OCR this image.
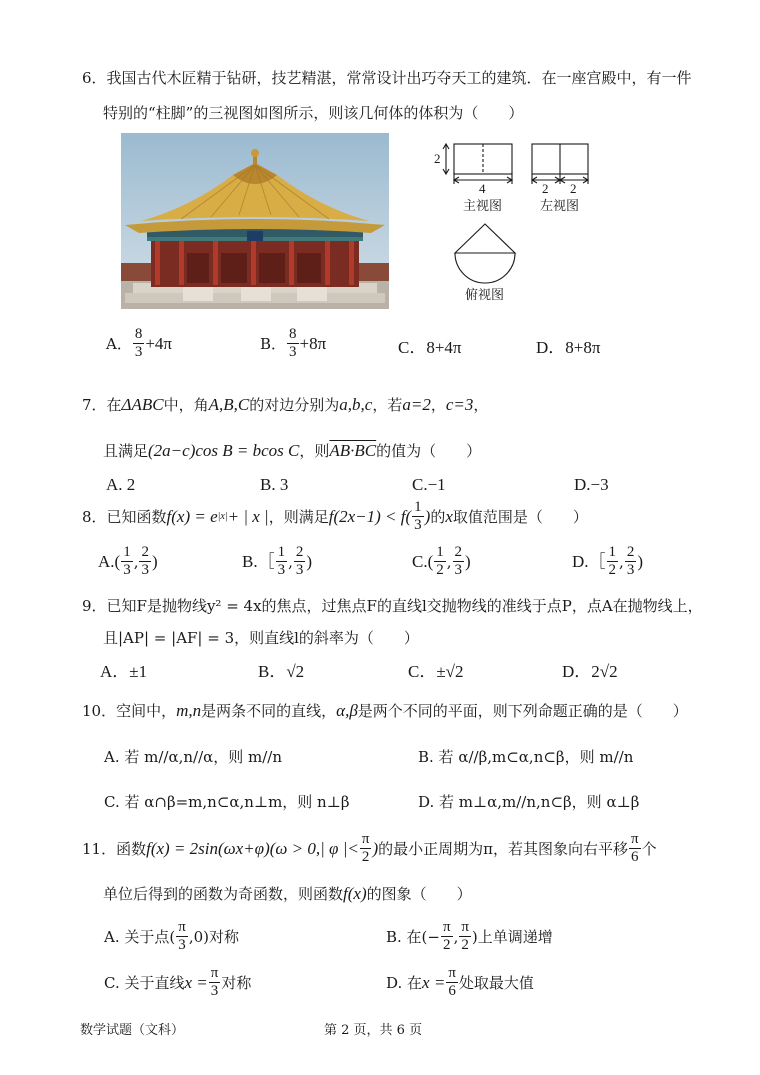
6．我国古代木匠精于钻研，技艺精湛，常常设计出巧夺天工的建筑．在一座宫殿中，有一件
特别的“柱脚”的三视图如图所示，则该几何体的体积为（　　）
2
4	2 2
主视图	左视图
俯视图
A． $\frac{8}{3} +4\pi$	B． $\frac{8}{3} +8\pi$	C．8+4π	D．8+8π
7．在ΔABC中，角A,B,C的对边分别为a,b,c，若a=2，c=3，
且满足(2a−c)cos B = bcos C，则AB·BC的值为（　　）
A. 2	B. 3	C.−1	D.−3
8．已知函数 f(x) = e |x| + | x | ，则满足 $f(2x-1) < f( \frac{1}{3}$ ) 的 x 取值范围是（　　）
$A.( \frac{1}{3}$ , $\frac{2}{3}$ )	B.［ $\frac{1}{3}$ , $\frac{2}{3}$ )	$C.( \frac{1}{2}$ , $\frac{2}{3}$ )	D.［ $\frac{1}{2}$ , $\frac{2}{3}$ )
9．已知F是抛物线y² = 4x的焦点，过焦点F的直线l交抛物线的准线于点P，点A在抛物线上，
且|AP| = |AF| = 3，则直线l的斜率为（　　）
A．±1	B．√2	C．±√2	D．2√2
10．空间中，m,n是两条不同的直线，α,β是两个不同的平面，则下列命题正确的是（　　）
A. 若 m//α,n//α，则 m//n	B. 若 α//β,m⊂α,n⊂β，则 m//n
C. 若 α∩β=m,n⊂α,n⊥m，则 n⊥β	D. 若 m⊥α,m//n,n⊂β，则 α⊥β
11．函数 f(x) = 2sin(ωx+φ)(ω > 0,| φ |< $\frac{\pi}{2}$ ) 的最小正周期为π，若其图象向右平移 $\frac{\pi}{6}$ 个
单位后得到的函数为奇函数，则函数f(x)的图象（　　）
A. 关于点( $\frac{\pi}{3} ,0$)对称	B. 在(− $\frac{\pi}{2}$ , $\frac{\pi}{2}$ )上单调递增
C. 关于直线 $x = \frac{\pi}{3}$ 对称	D. 在 $x = \frac{\pi}{6}$ 处取最大值
数学试题（文科）	第 2 页，共 6 页
